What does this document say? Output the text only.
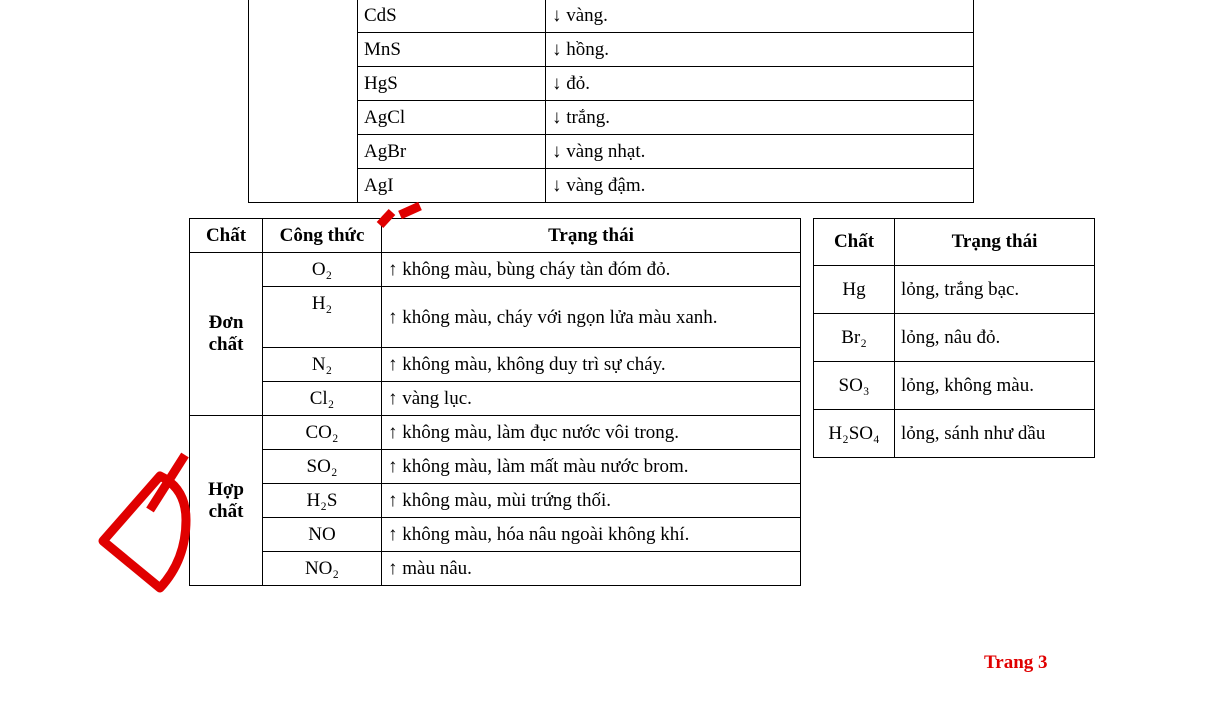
	CdS	↓ vàng.
	MnS	↓ hồng.
	HgS	↓ đỏ.
	AgCl	↓ trắng.
	AgBr	↓ vàng nhạt.
	AgI	↓ vàng đậm.
Chất	Công thức	Trạng thái
Đơn chất	O₂	↑ không màu, bùng cháy tàn đóm đỏ.
	H₂	↑ không màu, cháy với ngọn lửa màu xanh.
	N₂	↑ không màu, không duy trì sự cháy.
	Cl₂	↑ vàng lục.
Hợp chất	CO₂	↑ không màu, làm đục nước vôi trong.
	SO₂	↑ không màu, làm mất màu nước brom.
	H₂S	↑ không màu, mùi trứng thối.
	NO	↑ không màu, hóa nâu ngoài không khí.
	NO₂	↑ màu nâu.
Chất	Trạng thái
Hg	lỏng, trắng bạc.
Br₂	lỏng, nâu đỏ.
SO₃	lỏng, không màu.
H₂SO₄	lỏng, sánh như dầu
Trang 3
